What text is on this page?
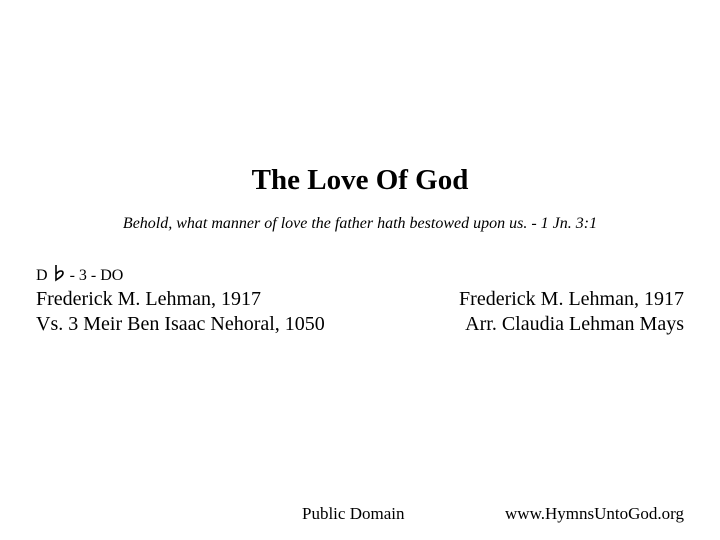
The Love Of God
Behold, what manner of love the father hath bestowed upon us. - 1 Jn. 3:1
D - 3 - DO
Frederick M. Lehman, 1917
Vs. 3 Meir Ben Isaac Nehoral, 1050
Frederick M. Lehman, 1917
Arr. Claudia Lehman Mays
Public Domain	www.HymnsUntoGod.org
